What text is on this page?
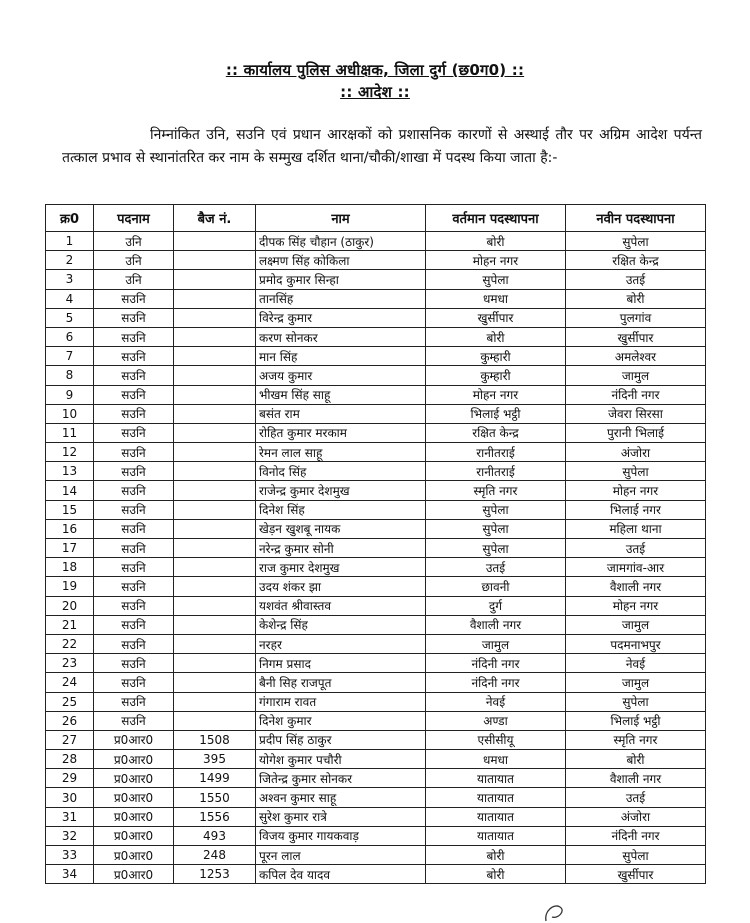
:: कार्यालय पुलिस अधीक्षक, जिला दुर्ग (छ0ग0) ::
:: आदेश ::
निम्नांकित उनि, सउनि एवं प्रधान आरक्षकों को प्रशासनिक कारणों से अस्थाई तौर पर अग्रिम आदेश पर्यन्त तत्काल प्रभाव से स्थानांतरित कर नाम के सम्मुख दर्शित थाना/चौकी/शाखा में पदस्थ किया जाता है:-
क्र0	पदनाम	बैज नं.	नाम	वर्तमान पदस्थापना	नवीन पदस्थापना
1	उनि		दीपक सिंह चौहान (ठाकुर)	बोरी	सुपेला
2	उनि		लक्ष्मण सिंह कोकिला	मोहन नगर	रक्षित केन्द्र
3	उनि		प्रमोद कुमार सिन्हा	सुपेला	उतई
4	सउनि		तानसिंह	धमधा	बोरी
5	सउनि		विरेन्द्र कुमार	खुर्सीपार	पुलगांव
6	सउनि		करण सोनकर	बोरी	खुर्सीपार
7	सउनि		मान सिंह	कुम्हारी	अमलेश्वर
8	सउनि		अजय कुमार	कुम्हारी	जामुल
9	सउनि		भीखम सिंह साहू	मोहन नगर	नंदिनी नगर
10	सउनि		बसंत राम	भिलाई भट्ठी	जेवरा सिरसा
11	सउनि		रोहित कुमार मरकाम	रक्षित केन्द्र	पुरानी भिलाई
12	सउनि		रेमन लाल साहू	रानीतराई	अंजोरा
13	सउनि		विनोद सिंह	रानीतराई	सुपेला
14	सउनि		राजेन्द्र कुमार देशमुख	स्मृति नगर	मोहन नगर
15	सउनि		दिनेश सिंह	सुपेला	भिलाई नगर
16	सउनि		खेड़न खुशबू नायक	सुपेला	महिला थाना
17	सउनि		नरेन्द्र कुमार सोनी	सुपेला	उतई
18	सउनि		राज कुमार देशमुख	उतई	जामगांव-आर
19	सउनि		उदय शंकर झा	छावनी	वैशाली नगर
20	सउनि		यशवंत श्रीवास्तव	दुर्ग	मोहन नगर
21	सउनि		केशेन्द्र सिंह	वैशाली नगर	जामुल
22	सउनि		नरहर	जामुल	पदमनाभपुर
23	सउनि		निगम प्रसाद	नंदिनी नगर	नेवई
24	सउनि		बैनी सिह राजपूत	नंदिनी नगर	जामुल
25	सउनि		गंगाराम रावत	नेवई	सुपेला
26	सउनि		दिनेश कुमार	अण्डा	भिलाई भट्ठी
27	प्र0आर0	1508	प्रदीप सिंह ठाकुर	एसीसीयू	स्मृति नगर
28	प्र0आर0	395	योगेश कुमार पचौरी	धमधा	बोरी
29	प्र0आर0	1499	जितेन्द्र कुमार सोनकर	यातायात	वैशाली नगर
30	प्र0आर0	1550	अश्वन कुमार साहू	यातायात	उतई
31	प्र0आर0	1556	सुरेश कुमार रात्रे	यातायात	अंजोरा
32	प्र0आर0	493	विजय कुमार गायकवाड़	यातायात	नंदिनी नगर
33	प्र0आर0	248	पूरन लाल	बोरी	सुपेला
34	प्र0आर0	1253	कपिल देव यादव	बोरी	खुर्सीपार
